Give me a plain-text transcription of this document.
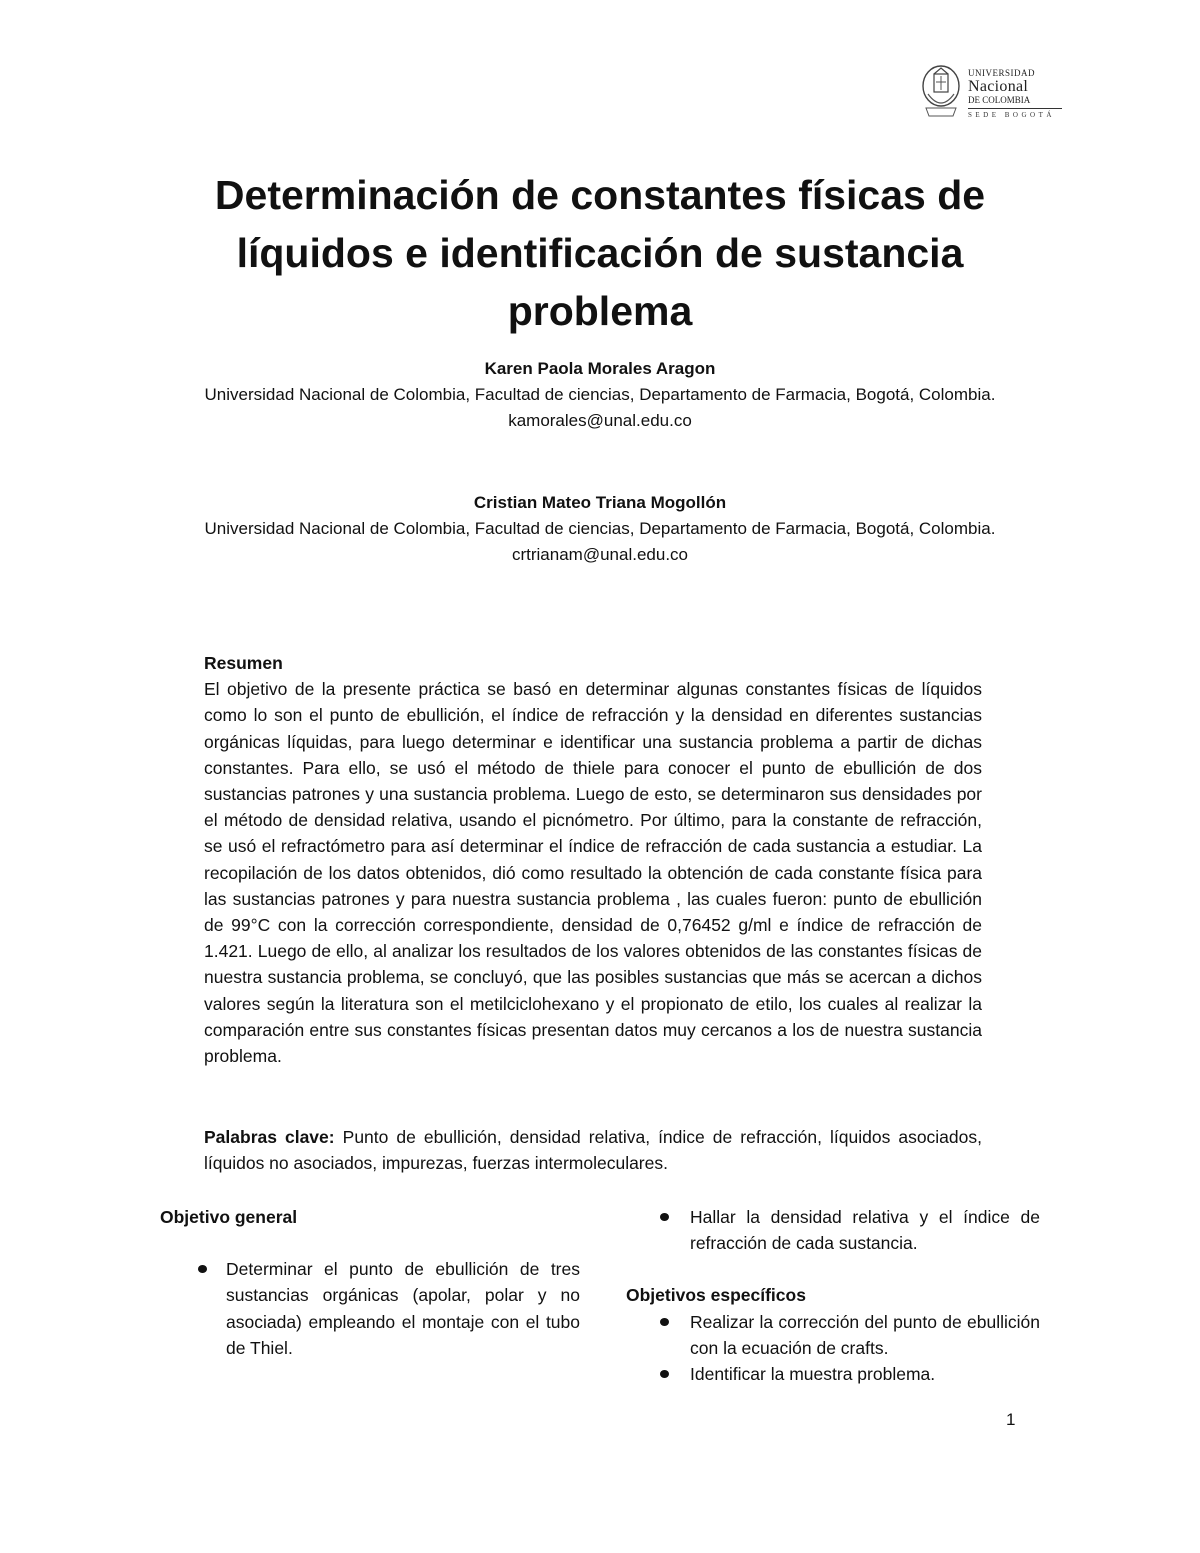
UNIVERSIDAD
Nacional
DE COLOMBIA
SEDE BOGOTÁ
Determinación de constantes físicas de líquidos e identificación de sustancia problema
Karen Paola Morales Aragon

Universidad Nacional de Colombia, Facultad de ciencias, Departamento de Farmacia, Bogotá, Colombia.
kamorales@unal.edu.co
Cristian Mateo Triana Mogollón

Universidad Nacional de Colombia, Facultad de ciencias, Departamento de Farmacia, Bogotá, Colombia.
crtrianam@unal.edu.co
Resumen
El objetivo de la presente práctica se basó en determinar algunas constantes físicas de líquidos como lo son el punto de ebullición, el índice de refracción y la densidad en diferentes sustancias orgánicas líquidas, para luego determinar e identificar una sustancia problema a partir de dichas constantes. Para ello, se usó el método de thiele para conocer el punto de ebullición de dos sustancias patrones y una sustancia problema. Luego de esto, se determinaron sus densidades por el método de densidad relativa, usando el picnómetro. Por último, para la constante de refracción, se usó el refractómetro para así determinar el índice de refracción de cada sustancia a estudiar. La recopilación de los datos obtenidos, dió como resultado la obtención de cada constante física para las sustancias patrones y para nuestra sustancia problema , las cuales fueron: punto de ebullición de 99°C con la corrección correspondiente, densidad de 0,76452 g/ml e índice de refracción de 1.421. Luego de ello, al analizar los resultados de los valores obtenidos de las constantes físicas de nuestra sustancia problema, se concluyó, que las posibles sustancias que más se acercan a dichos valores según la literatura son el metilciclohexano y el propionato de etilo, los cuales al realizar la comparación entre sus constantes físicas presentan datos muy cercanos a los de nuestra sustancia problema.
Palabras clave: Punto de ebullición, densidad relativa, índice de refracción, líquidos asociados, líquidos no asociados, impurezas, fuerzas intermoleculares.
Objetivo general
Determinar el punto de ebullición de tres sustancias orgánicas (apolar, polar y no asociada) empleando el montaje con el tubo de Thiel.
Hallar la densidad relativa y el índice de refracción de cada sustancia.
Objetivos específicos
Realizar la corrección del punto de ebullición con la ecuación de crafts.
Identificar la muestra problema.
1
